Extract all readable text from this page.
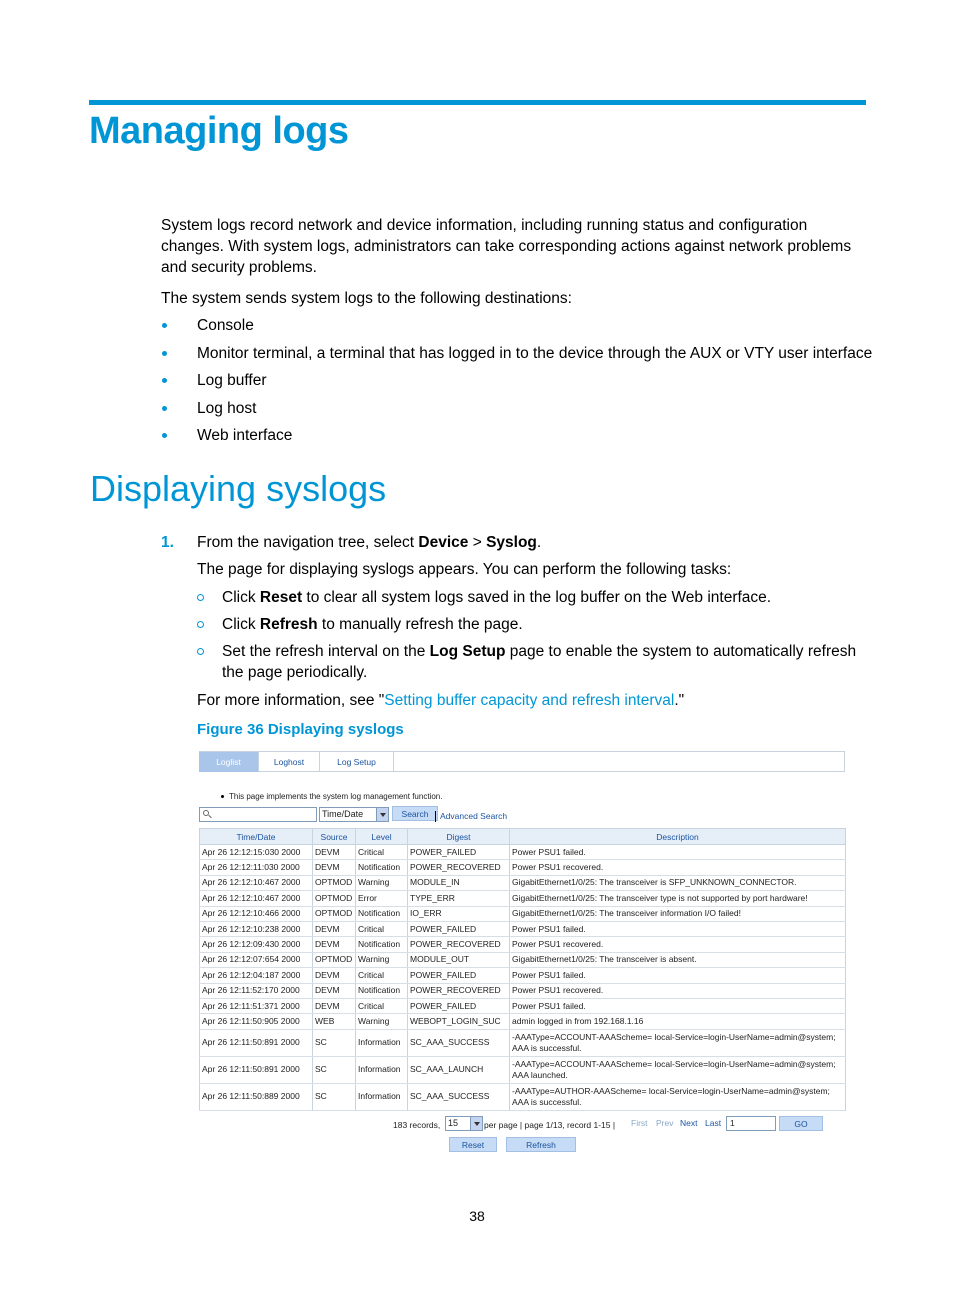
Managing logs

System logs record network and device information, including running status and configuration changes. With system logs, administrators can take corresponding actions against network problems and security problems.

The system sends system logs to the following destinations:

Console
Monitor terminal, a terminal that has logged in to the device through the AUX or VTY user interface
Log buffer
Log host
Web interface
Displaying syslogs
1. From the navigation tree, select Device > Syslog.

The page for displaying syslogs appears. You can perform the following tasks:

Click Reset to clear all system logs saved in the log buffer on the Web interface.
Click Refresh to manually refresh the page.
Set the refresh interval on the Log Setup page to enable the system to automatically refresh the page periodically.

For more information, see "Setting buffer capacity and refresh interval."

Figure 36 Displaying syslogs

Loglist	Loghost	Log Setup
This page implements the system log management function.
Time/Date	Search	Advanced Search
Time/Date	Source	Level	Digest	Description
Apr 26 12:12:15:030 2000	DEVM	Critical	POWER_FAILED	Power PSU1 failed.
Apr 26 12:12:11:030 2000	DEVM	Notification	POWER_RECOVERED	Power PSU1 recovered.
Apr 26 12:12:10:467 2000	OPTMOD	Warning	MODULE_IN	GigabitEthernet1/0/25: The transceiver is SFP_UNKNOWN_CONNECTOR.
Apr 26 12:12:10:467 2000	OPTMOD	Error	TYPE_ERR	GigabitEthernet1/0/25: The transceiver type is not supported by port hardware!
Apr 26 12:12:10:466 2000	OPTMOD	Notification	IO_ERR	GigabitEthernet1/0/25: The transceiver information I/O failed!
Apr 26 12:12:10:238 2000	DEVM	Critical	POWER_FAILED	Power PSU1 failed.
Apr 26 12:12:09:430 2000	DEVM	Notification	POWER_RECOVERED	Power PSU1 recovered.
Apr 26 12:12:07:654 2000	OPTMOD	Warning	MODULE_OUT	GigabitEthernet1/0/25: The transceiver is absent.
Apr 26 12:12:04:187 2000	DEVM	Critical	POWER_FAILED	Power PSU1 failed.
Apr 26 12:11:52:170 2000	DEVM	Notification	POWER_RECOVERED	Power PSU1 recovered.
Apr 26 12:11:51:371 2000	DEVM	Critical	POWER_FAILED	Power PSU1 failed.
Apr 26 12:11:50:905 2000	WEB	Warning	WEBOPT_LOGIN_SUC	admin logged in from 192.168.1.16
Apr 26 12:11:50:891 2000	SC	Information	SC_AAA_SUCCESS	-AAAType=ACCOUNT-AAAScheme= local-Service=login-UserName=admin@system; AAA is successful.
Apr 26 12:11:50:891 2000	SC	Information	SC_AAA_LAUNCH	-AAAType=ACCOUNT-AAAScheme= local-Service=login-UserName=admin@system; AAA launched.
Apr 26 12:11:50:889 2000	SC	Information	SC_AAA_SUCCESS	-AAAType=AUTHOR-AAAScheme= local-Service=login-UserName=admin@system; AAA is successful.
183 records, 15	per page | page 1/13, record 1-15 | First Prev Next Last	1	GO
Reset	Refresh
38
